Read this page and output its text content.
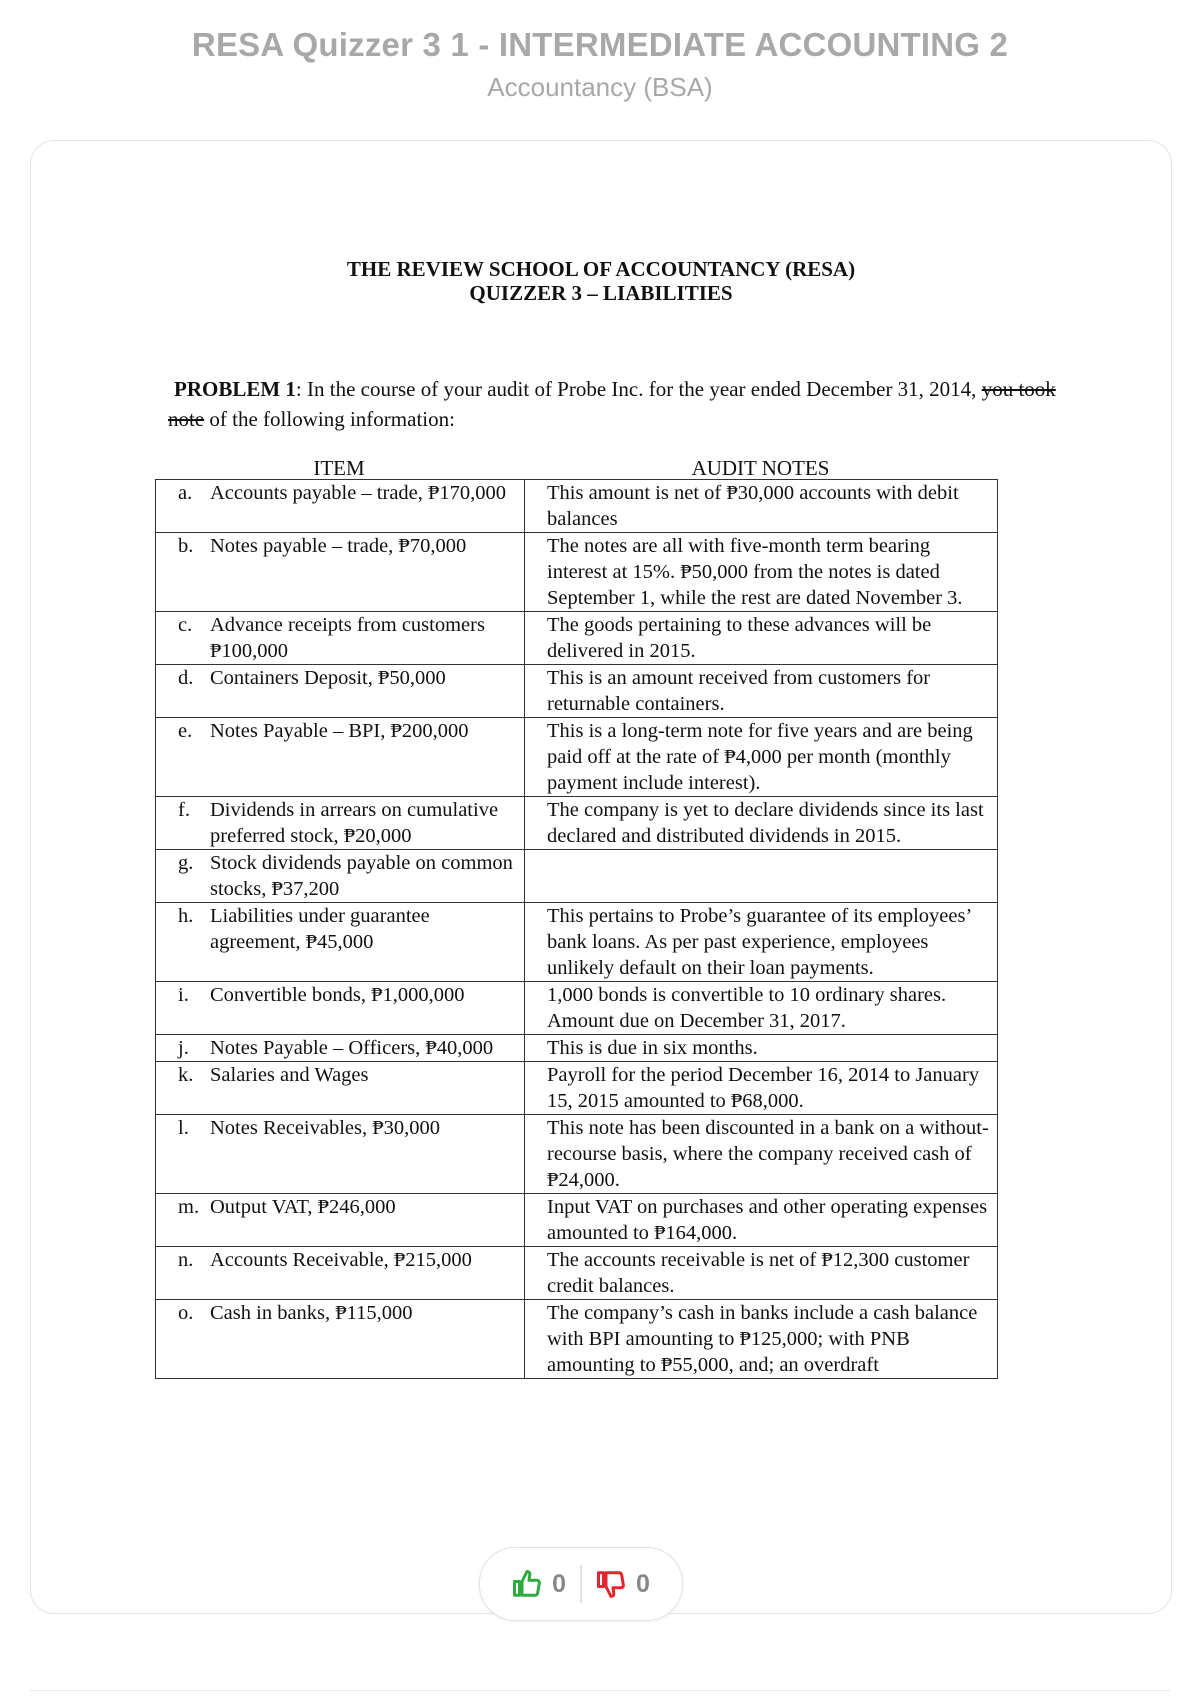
RESA Quizzer 3 1 - INTERMEDIATE ACCOUNTING 2
Accountancy (BSA)
THE REVIEW SCHOOL OF ACCOUNTANCY (RESA)
QUIZZER 3 – LIABILITIES
PROBLEM 1: In the course of your audit of Probe Inc. for the year ended December 31, 2014, you took note of the following information:
ITEM	AUDIT NOTES
a. Accounts payable – trade, ₱170,000	This amount is net of ₱30,000 accounts with debit balances

b. Notes payable – trade, ₱70,000	The notes are all with five-month term bearing interest at 15%. ₱50,000 from the notes is dated September 1, while the rest are dated November 3.

c. Advance receipts from customers ₱100,000	The goods pertaining to these advances will be delivered in 2015.

d. Containers Deposit, ₱50,000	This is an amount received from customers for returnable containers.

e. Notes Payable – BPI, ₱200,000	This is a long-term note for five years and are being paid off at the rate of ₱4,000 per month (monthly payment include interest).

f. Dividends in arrears on cumulative preferred stock, ₱20,000	The company is yet to declare dividends since its last declared and distributed dividends in 2015.

g. Stock dividends payable on common stocks, ₱37,200	

h. Liabilities under guarantee agreement, ₱45,000	This pertains to Probe’s guarantee of its employees’ bank loans. As per past experience, employees unlikely default on their loan payments.

i. Convertible bonds, ₱1,000,000	1,000 bonds is convertible to 10 ordinary shares. Amount due on December 31, 2017.

j. Notes Payable – Officers, ₱40,000	This is due in six months.

k. Salaries and Wages	Payroll for the period December 16, 2014 to January 15, 2015 amounted to ₱68,000.

l. Notes Receivables, ₱30,000	This note has been discounted in a bank on a without-recourse basis, where the company received cash of ₱24,000.

m. Output VAT, ₱246,000	Input VAT on purchases and other operating expenses amounted to ₱164,000.

n. Accounts Receivable, ₱215,000	The accounts receivable is net of ₱12,300 customer credit balances.

o. Cash in banks, ₱115,000	The company’s cash in banks include a cash balance with BPI amounting to ₱125,000; with PNB amounting to ₱55,000, and; an overdraft
0	0
